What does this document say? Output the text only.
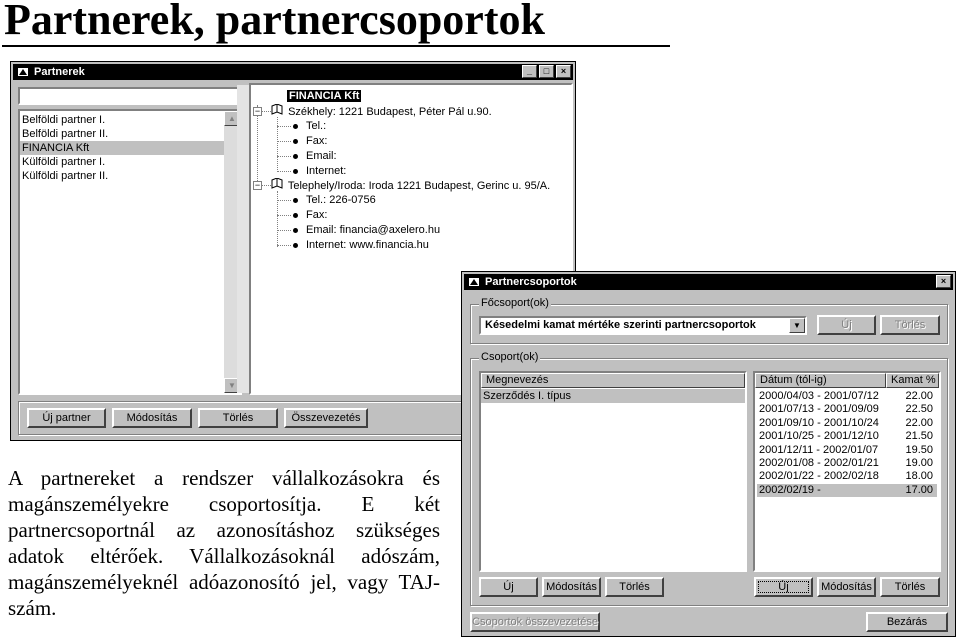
Partnerek, partnercsoportok
Partnerek	_	□	×
Belföldi partner I.
Belföldi partner II.
FINANCIA Kft
Külföldi partner I.
Külföldi partner II.
▲
▼
−
−
FINANCIA Kft
Székhely: 1221 Budapest, Péter Pál u.90.
Tel.:
Fax:
Email:
Internet:
Telephely/Iroda: Iroda 1221 Budapest, Gerinc u. 95/A.
Tel.: 226-0756
Fax:
Email: financia@axelero.hu
Internet: www.financia.hu
Új partner	Módosítás	Törlés	Összevezetés
Partnercsoportok	×
Főcsoport(ok)
Késedelmi kamat mértéke szerinti partnercsoportok	▼	Új	Törlés
Csoport(ok)
Megnevezés
Szerződés I. típus
Dátum (tól-ig)	Kamat %
2000/04/03 - 2001/07/12 22.00
2001/07/13 - 2001/09/09 22.50
2001/09/10 - 2001/10/24 22.00
2001/10/25 - 2001/12/10 21.50
2001/12/11 - 2002/01/07 19.50
2002/01/08 - 2002/01/21 19.00
2002/01/22 - 2002/02/18 18.00
2002/02/19 -	17.00
Új	Módosítás	Törlés	Új	Módosítás	Törlés
Csoportok összevezetése	Bezárás

A partnereket a rendszer vállalkozásokra és magánszemélyekre csoportosítja. E két partnercsoportnál az azonosításhoz szükséges adatok eltérőek. Vállalkozásoknál adószám, magánszemélyeknél adóazonosító jel, vagy TAJ-szám.
